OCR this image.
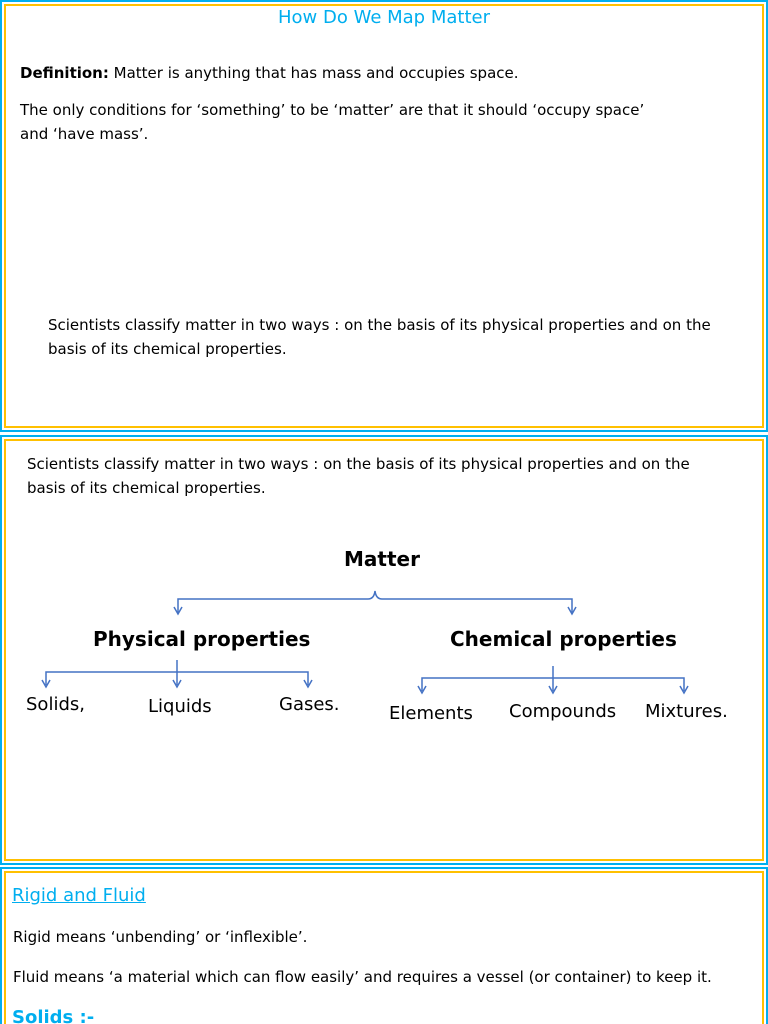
How Do We Map Matter
Definition: Matter is anything that has mass and occupies space.
The only conditions for ‘something’ to be ‘matter’ are that it should ‘occupy space’
and ‘have mass’.
Scientists classify matter in two ways : on the basis of its physical properties and on the
basis of its chemical properties.
Scientists classify matter in two ways : on the basis of its physical properties and on the
basis of its chemical properties.
Matter
Physical properties	Chemical properties
Solids,	Liquids	Gases.	Elements Compounds Mixtures.
Rigid and Fluid
Rigid means ‘unbending’ or ‘inflexible’.
Fluid means ‘a material which can flow easily’ and requires a vessel (or container) to keep it.
Solids :-
